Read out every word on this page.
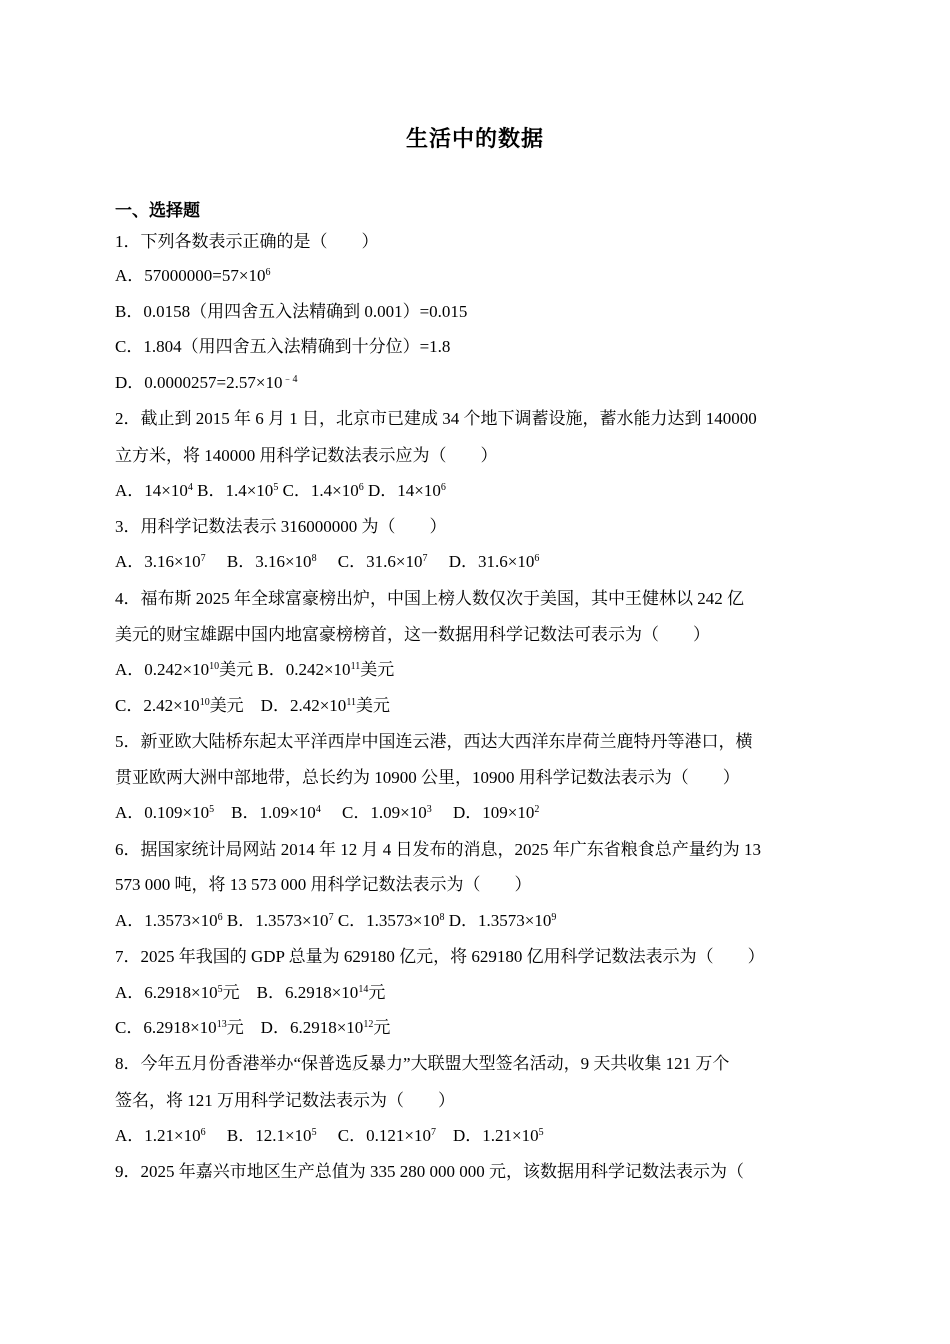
生活中的数据
一、选择题
1．下列各数表示正确的是（　　）
A．$57000000=57\times 10^6$
B．0.0158（用四舍五入法精确到 0.001）=0.015
C．1.804（用四舍五入法精确到十分位）=1.8
D．$0.0000257=2.57\times 10^{﹣4}$
2．截止到 2015 年 6 月 1 日，北京市已建成 34 个地下调蓄设施，蓄水能力达到 140000
立方米，将 140000 用科学记数法表示应为（　　）
A．$14\times 10^4$ B．$1.4\times 10^5$ C．$1.4\times 10^6$ D．$14\times 10^6$
3．用科学记数法表示 316000000 为（　　）
A．$3.16\times 10^7$　 B．$3.16\times 10^8$　 C．$31.6\times 10^7$　 D．$31.6\times 10^6$
4．福布斯 2025 年全球富豪榜出炉，中国上榜人数仅次于美国，其中王健林以 242 亿
美元的财宝雄踞中国内地富豪榜榜首，这一数据用科学记数法可表示为（　　）
A．$0.242\times 10^{10}$美元 B．$0.242\times 10^{11}$美元
C．$2.42\times 10^{10}$美元　D．$2.42\times 10^{11}$美元
5．新亚欧大陆桥东起太平洋西岸中国连云港，西达大西洋东岸荷兰鹿特丹等港口，横
贯亚欧两大洲中部地带，总长约为 10900 公里，10900 用科学记数法表示为（　　）
A．$0.109\times 10^5$　B．$1.09\times 10^4$　 C．$1.09\times 10^3$　 D．$109\times 10^2$
6．据国家统计局网站 2014 年 12 月 4 日发布的消息，2025 年广东省粮食总产量约为 13
573 000 吨，将 13 573 000 用科学记数法表示为（　　）
A．$1.3573\times 10^6$ B．$1.3573\times 10^7$ C．$1.3573\times 10^8$ D．$1.3573\times 10^9$
7．2025 年我国的 GDP 总量为 629180 亿元，将 629180 亿用科学记数法表示为（　　）
A．$6.2918\times 10^5$元　B．$6.2918\times 10^{14}$元
C．$6.2918\times 10^{13}$元　D．$6.2918\times 10^{12}$元
8．今年五月份香港举办“保普选反暴力”大联盟大型签名活动，9 天共收集 121 万个
签名，将 121 万用科学记数法表示为（　　）
A．$1.21\times 10^6$　 B．$12.1\times 10^5$　 C．$0.121\times 10^7$　D．$1.21\times 10^5$
9．2025 年嘉兴市地区生产总值为 335 280 000 000 元，该数据用科学记数法表示为（
